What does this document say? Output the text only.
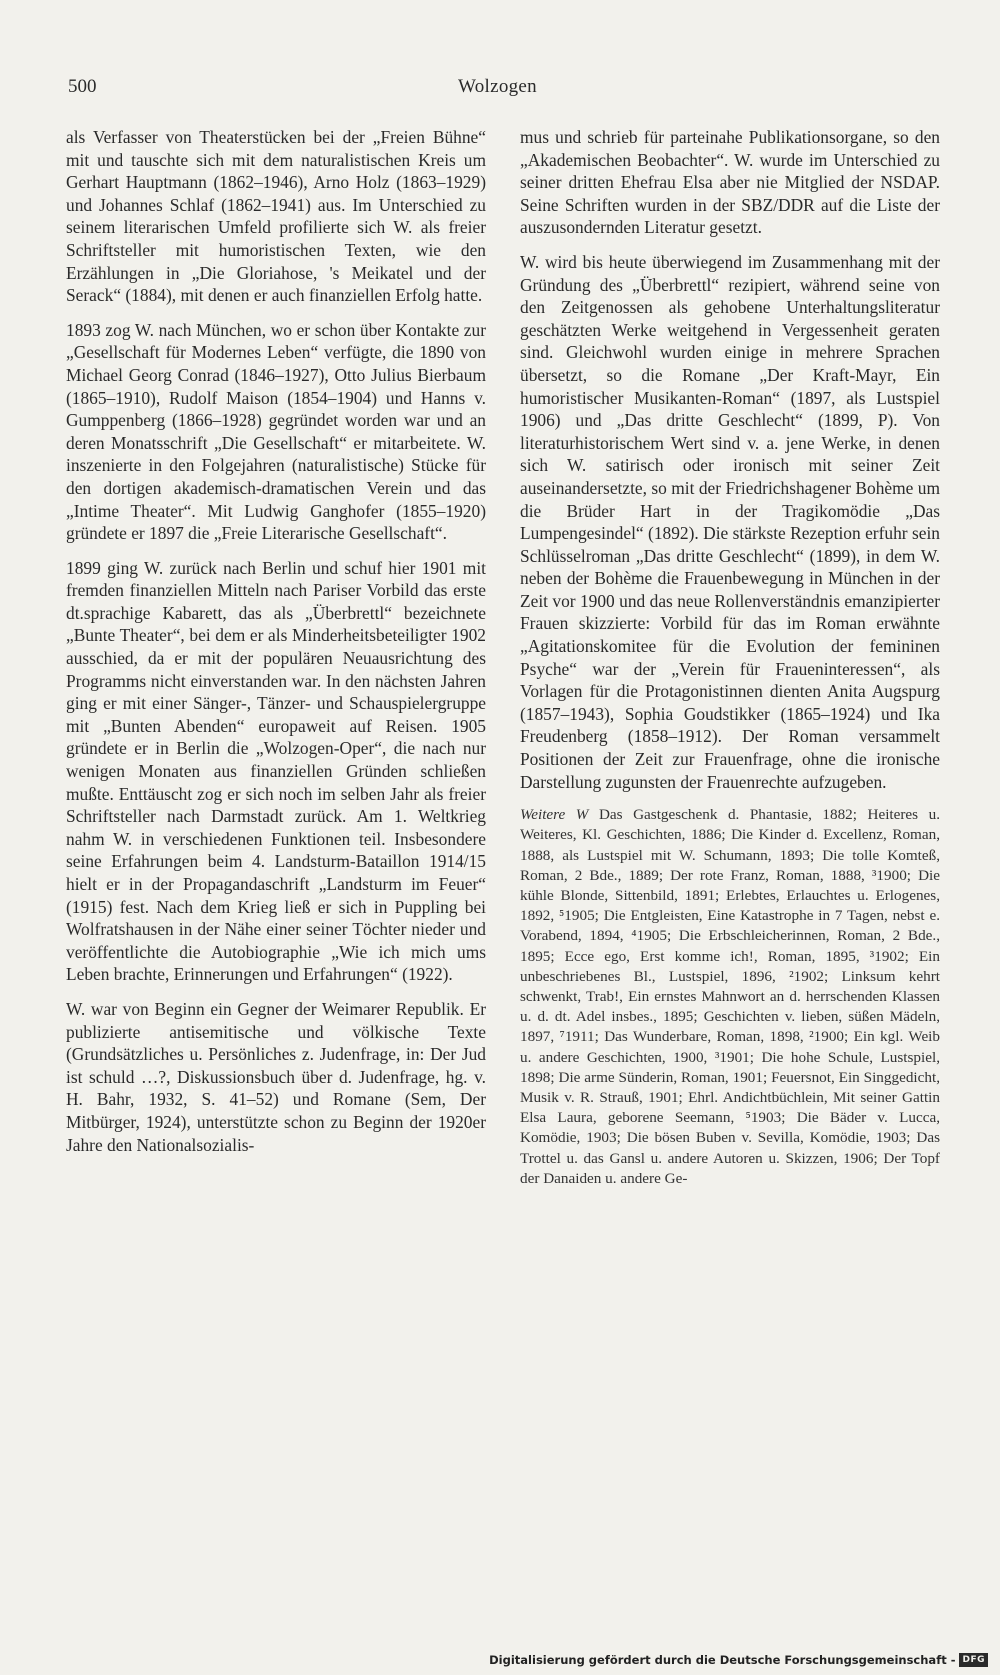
500	Wolzogen

als Verfasser von Theaterstücken bei der „Freien Bühne“ mit und tauschte sich mit dem naturalistischen Kreis um Gerhart Hauptmann (1862–1946), Arno Holz (1863–1929) und Johannes Schlaf (1862–1941) aus. Im Unterschied zu seinem literarischen Umfeld profilierte sich W. als freier Schriftsteller mit humoristischen Texten, wie den Erzählungen in „Die Gloriahose, 's Meikatel und der Serack“ (1884), mit denen er auch finanziellen Erfolg hatte.

1893 zog W. nach München, wo er schon über Kontakte zur „Gesellschaft für Modernes Leben“ verfügte, die 1890 von Michael Georg Conrad (1846–1927), Otto Julius Bierbaum (1865–1910), Rudolf Maison (1854–1904) und Hanns v. Gumppenberg (1866–1928) gegründet worden war und an deren Monatsschrift „Die Gesellschaft“ er mitarbeitete. W. inszenierte in den Folgejahren (naturalistische) Stücke für den dortigen akademisch-dramatischen Verein und das „Intime Theater“. Mit Ludwig Ganghofer (1855–1920) gründete er 1897 die „Freie Literarische Gesellschaft“.

1899 ging W. zurück nach Berlin und schuf hier 1901 mit fremden finanziellen Mitteln nach Pariser Vorbild das erste dt.sprachige Kabarett, das als „Überbrettl“ bezeichnete „Bunte Theater“, bei dem er als Minderheitsbeteiligter 1902 ausschied, da er mit der populären Neuausrichtung des Programms nicht einverstanden war. In den nächsten Jahren ging er mit einer Sänger-, Tänzer- und Schauspielergruppe mit „Bunten Abenden“ europaweit auf Reisen. 1905 gründete er in Berlin die „Wolzogen-Oper“, die nach nur wenigen Monaten aus finanziellen Gründen schließen mußte. Enttäuscht zog er sich noch im selben Jahr als freier Schriftsteller nach Darmstadt zurück. Am 1. Weltkrieg nahm W. in verschiedenen Funktionen teil. Insbesondere seine Erfahrungen beim 4. Landsturm-Bataillon 1914/15 hielt er in der Propagandaschrift „Landsturm im Feuer“ (1915) fest. Nach dem Krieg ließ er sich in Puppling bei Wolfratshausen in der Nähe einer seiner Töchter nieder und veröffentlichte die Autobiographie „Wie ich mich ums Leben brachte, Erinnerungen und Erfahrungen“ (1922).

W. war von Beginn ein Gegner der Weimarer Republik. Er publizierte antisemitische und völkische Texte (Grundsätzliches u. Persönliches z. Judenfrage, in: Der Jud ist schuld …?, Diskussionsbuch über d. Judenfrage, hg. v. H. Bahr, 1932, S. 41–52) und Romane (Sem, Der Mitbürger, 1924), unterstützte schon zu Beginn der 1920er Jahre den Nationalsozialis-

mus und schrieb für parteinahe Publikationsorgane, so den „Akademischen Beobachter“. W. wurde im Unterschied zu seiner dritten Ehefrau Elsa aber nie Mitglied der NSDAP. Seine Schriften wurden in der SBZ/DDR auf die Liste der auszusondernden Literatur gesetzt.

W. wird bis heute überwiegend im Zusammenhang mit der Gründung des „Überbrettl“ rezipiert, während seine von den Zeitgenossen als gehobene Unterhaltungsliteratur geschätzten Werke weitgehend in Vergessenheit geraten sind. Gleichwohl wurden einige in mehrere Sprachen übersetzt, so die Romane „Der Kraft-Mayr, Ein humoristischer Musikanten-Roman“ (1897, als Lustspiel 1906) und „Das dritte Geschlecht“ (1899, P). Von literaturhistorischem Wert sind v. a. jene Werke, in denen sich W. satirisch oder ironisch mit seiner Zeit auseinandersetzte, so mit der Friedrichshagener Bohème um die Brüder Hart in der Tragikomödie „Das Lumpengesindel“ (1892). Die stärkste Rezeption erfuhr sein Schlüsselroman „Das dritte Geschlecht“ (1899), in dem W. neben der Bohème die Frauenbewegung in München in der Zeit vor 1900 und das neue Rollenverständnis emanzipierter Frauen skizzierte: Vorbild für das im Roman erwähnte „Agitationskomitee für die Evolution der femininen Psyche“ war der „Verein für Fraueninteressen“, als Vorlagen für die Protagonistinnen dienten Anita Augspurg (1857–1943), Sophia Goudstikker (1865–1924) und Ika Freudenberg (1858–1912). Der Roman versammelt Positionen der Zeit zur Frauenfrage, ohne die ironische Darstellung zugunsten der Frauenrechte aufzugeben.

Weitere W Das Gastgeschenk d. Phantasie, 1882; Heiteres u. Weiteres, Kl. Geschichten, 1886; Die Kinder d. Excellenz, Roman, 1888, als Lustspiel mit W. Schumann, 1893; Die tolle Komteß, Roman, 2 Bde., 1889; Der rote Franz, Roman, 1888, ³1900; Die kühle Blonde, Sittenbild, 1891; Erlebtes, Erlauchtes u. Erlogenes, 1892, ⁵1905; Die Entgleisten, Eine Katastrophe in 7 Tagen, nebst e. Vorabend, 1894, ⁴1905; Die Erbschleicherinnen, Roman, 2 Bde., 1895; Ecce ego, Erst komme ich!, Roman, 1895, ³1902; Ein unbeschriebenes Bl., Lustspiel, 1896, ²1902; Linksum kehrt schwenkt, Trab!, Ein ernstes Mahnwort an d. herrschenden Klassen u. d. dt. Adel insbes., 1895; Geschichten v. lieben, süßen Mädeln, 1897, ⁷1911; Das Wunderbare, Roman, 1898, ²1900; Ein kgl. Weib u. andere Geschichten, 1900, ³1901; Die hohe Schule, Lustspiel, 1898; Die arme Sünderin, Roman, 1901; Feuersnot, Ein Singgedicht, Musik v. R. Strauß, 1901; Ehrl. Andichtbüchlein, Mit seiner Gattin Elsa Laura, geborene Seemann, ⁵1903; Die Bäder v. Lucca, Komödie, 1903; Die bösen Buben v. Sevilla, Komödie, 1903; Das Trottel u. das Gansl u. andere Autoren u. Skizzen, 1906; Der Topf der Danaiden u. andere Ge-

Digitalisierung gefördert durch die Deutsche Forschungsgemeinschaft - DFG
